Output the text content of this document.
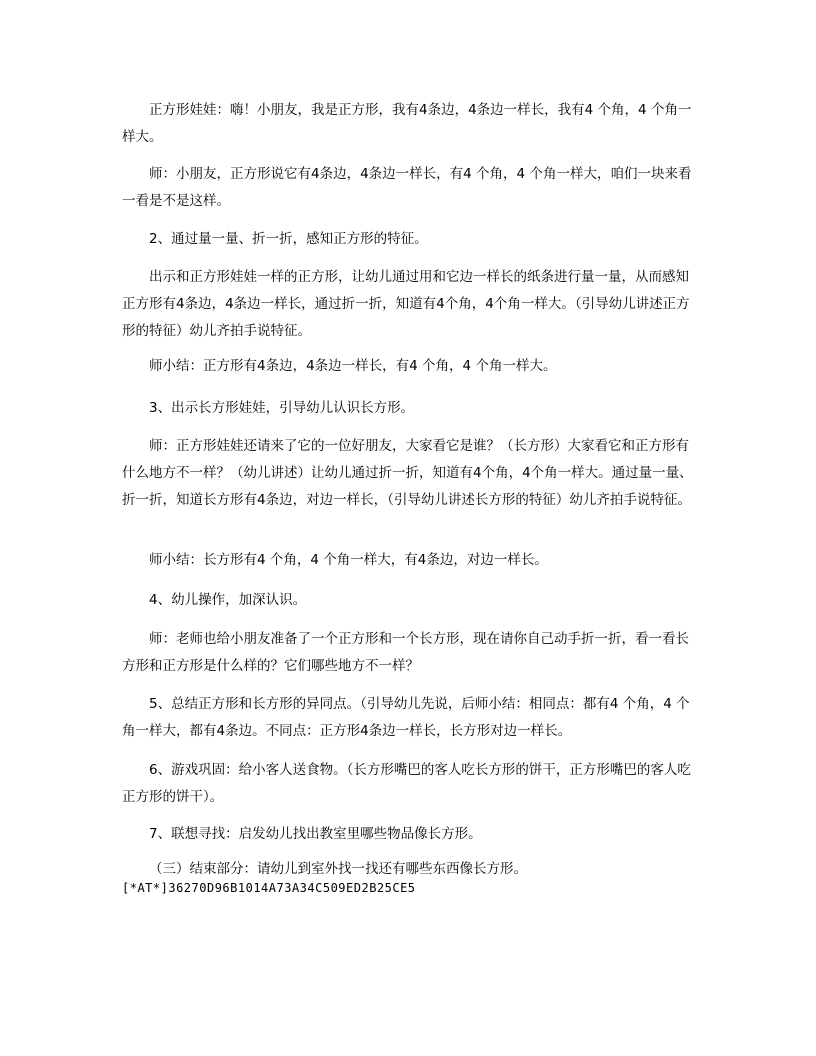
正方形娃娃：嗨！小朋友，我是正方形，我有4条边，4条边一样长，我有4 个角，4 个角一样大。

师：小朋友，正方形说它有4条边，4条边一样长，有4 个角，4 个角一样大，咱们一块来看一看是不是这样。

2、通过量一量、折一折，感知正方形的特征。

出示和正方形娃娃一样的正方形，让幼儿通过用和它边一样长的纸条进行量一量，从而感知正方形有4条边，4条边一样长，通过折一折，知道有4个角，4个角一样大。（引导幼儿讲述正方形的特征）幼儿齐拍手说特征。

师小结：正方形有4条边，4条边一样长，有4 个角，4 个角一样大。

3、出示长方形娃娃，引导幼儿认识长方形。

师：正方形娃娃还请来了它的一位好朋友，大家看它是谁？（长方形）大家看它和正方形有什么地方不一样？（幼儿讲述）让幼儿通过折一折，知道有4个角，4个角一样大。通过量一量、折一折，知道长方形有4条边，对边一样长，（引导幼儿讲述长方形的特征）幼儿齐拍手说特征。

师小结：长方形有4 个角，4 个角一样大，有4条边，对边一样长。

4、幼儿操作，加深认识。

师：老师也给小朋友准备了一个正方形和一个长方形，现在请你自己动手折一折，看一看长方形和正方形是什么样的？它们哪些地方不一样？

5、总结正方形和长方形的异同点。（引导幼儿先说，后师小结：相同点：都有4 个角，4 个角一样大，都有4条边。不同点：正方形4条边一样长，长方形对边一样长。

6、游戏巩固：给小客人送食物。（长方形嘴巴的客人吃长方形的饼干，正方形嘴巴的客人吃正方形的饼干）。

7、联想寻找：启发幼儿找出教室里哪些物品像长方形。

（三）结束部分：请幼儿到室外找一找还有哪些东西像长方形。

[*AT*]36270D96B1014A73A34C509ED2B25CE5
